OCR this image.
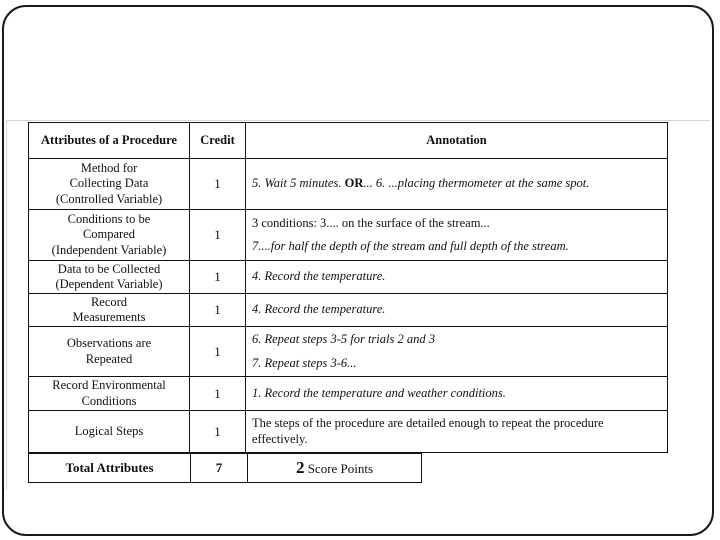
Attributes of a Procedure	Credit	Annotation

Method for
Collecting Data
(Controlled Variable)	1	5. Wait 5 minutes. OR... 6. ...placing thermometer at the same spot.

Conditions to be
Compared
(Independent Variable)	1	3 conditions: 3.... on the surface of the stream...
7....for half the depth of the stream and full depth of the stream.

Data to be Collected
(Dependent Variable)	1	4. Record the temperature.

Record
Measurements	1	4. Record the temperature.

Observations are
Repeated	1	6. Repeat steps 3-5 for trials 2 and 3
7. Repeat steps 3-6...

Record Environmental
Conditions	1	1. Record the temperature and weather conditions.

Logical Steps	1	The steps of the procedure are detailed enough to repeat the procedure
effectively.
Total Attributes	7	2 Score Points
